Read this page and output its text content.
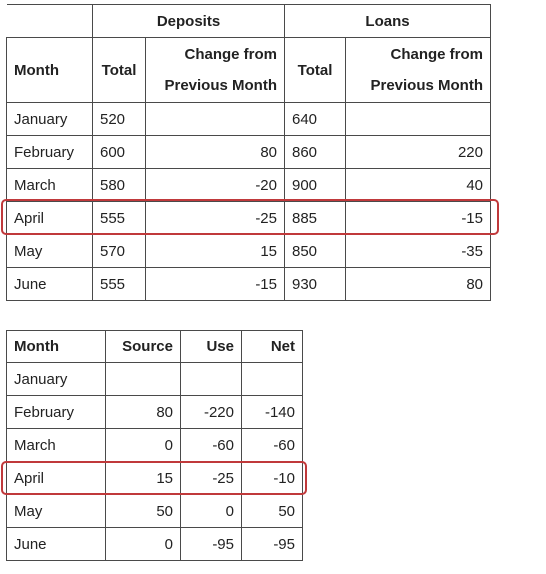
	Deposits		Loans	
Month	Total	Change from Previous Month	Total	Change from Previous Month
January	520		640	
February	600	80	860	220
March	580	-20	900	40
April	555	-25	885	-15
May	570	15	850	-35
June	555	-15	930	80
Month	Source	Use	Net
January			
February	80	-220	-140
March	0	-60	-60
April	15	-25	-10
May	50	0	50
June	0	-95	-95
